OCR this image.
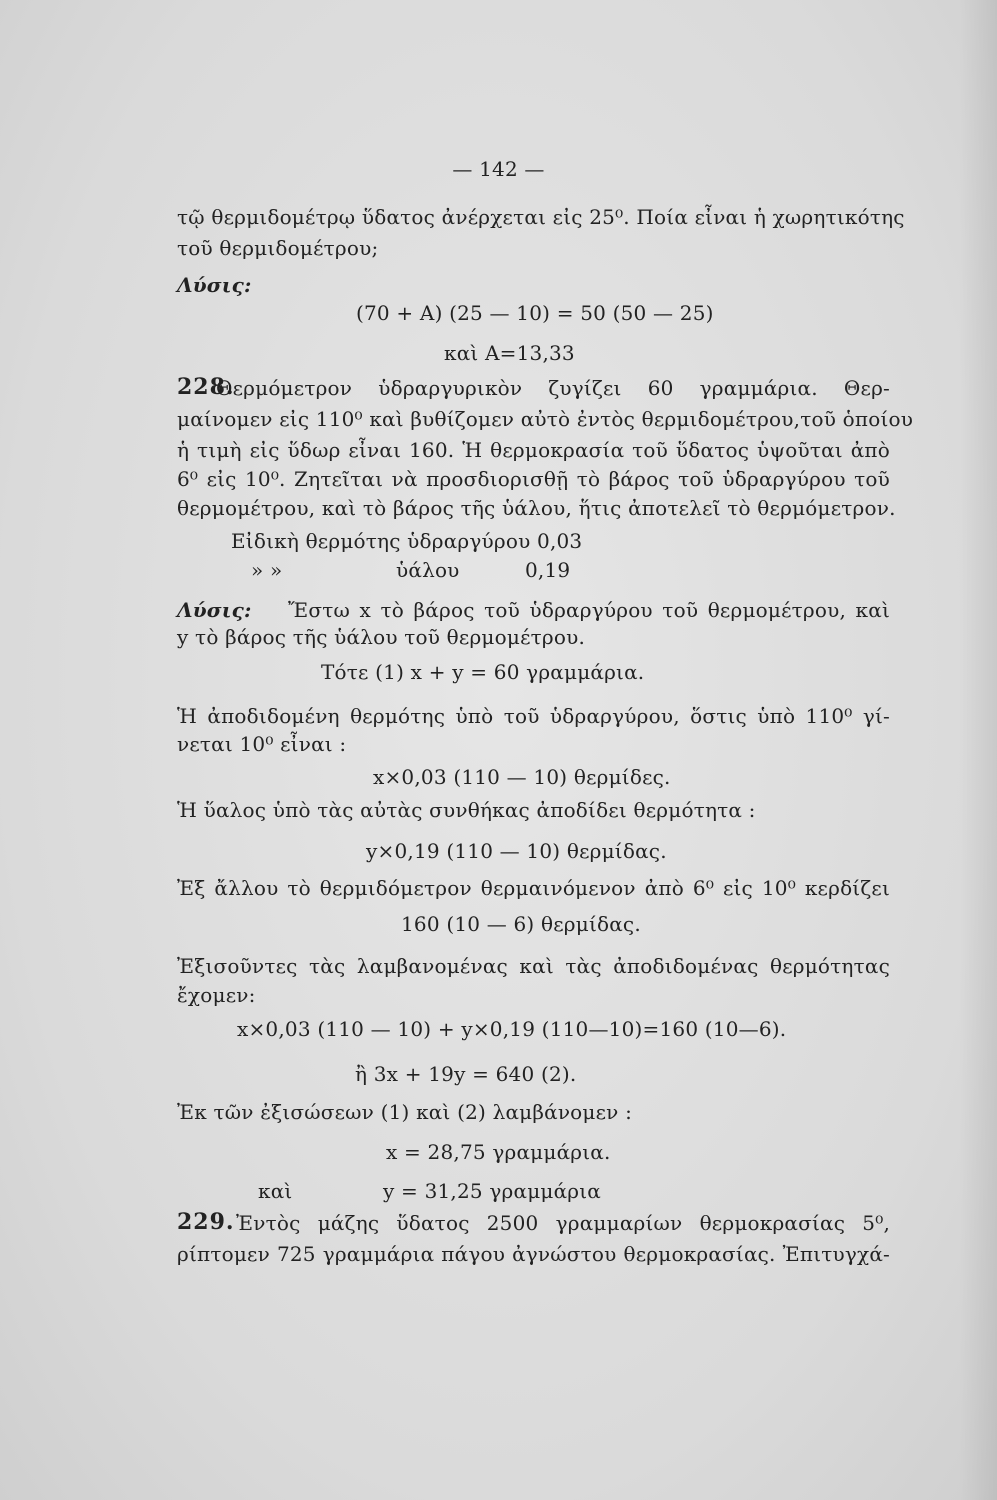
— 142 —
τῷ θερμιδομέτρῳ ὕδατος ἀνέρχεται εἰς 25⁰. Ποία εἶναι ἡ χωρητικότης
τοῦ θερμιδομέτρου;
Λύσις:
(70 + A) (25 — 10) = 50 (50 — 25)
καὶ A=13,33
Θερμόμετρον ὑδραργυρικὸν ζυγίζει 60 γραμμάρια. Θερ-
228.
μαίνομεν εἰς 110⁰ καὶ βυθίζομεν αὐτὸ ἐντὸς θερμιδομέτρου,τοῦ ὁποίου
ἡ τιμὴ εἰς ὕδωρ εἶναι 160. Ἡ θερμοκρασία τοῦ ὕδατος ὑψοῦται ἀπὸ
6⁰ εἰς 10⁰. Ζητεῖται νὰ προσδιορισθῇ τὸ βάρος τοῦ ὑδραργύρου τοῦ
θερμομέτρου, καὶ τὸ βάρος τῆς ὑάλου, ἥτις ἀποτελεῖ τὸ θερμόμετρον.
Εἰδικὴ θερμότης ὑδραργύρου 0,03
» »	ὑάλου	0,19
Λύσις: Ἔστω x τὸ βάρος τοῦ ὑδραργύρου τοῦ θερμομέτρου, καὶ
y τὸ βάρος τῆς ὑάλου τοῦ θερμομέτρου.
Τότε (1) x + y = 60 γραμμάρια.
Ἡ ἀποδιδομένη θερμότης ὑπὸ τοῦ ὑδραργύρου, ὅστις ὑπὸ 110⁰ γί-
νεται 10⁰ εἶναι :
x×0,03 (110 — 10) θερμίδες.
Ἡ ὕαλος ὑπὸ τὰς αὐτὰς συνθήκας ἀποδίδει θερμότητα :
y×0,19 (110 — 10) θερμίδας.
Ἐξ ἄλλου τὸ θερμιδόμετρον θερμαινόμενον ἀπὸ 6⁰ εἰς 10⁰ κερδίζει
160 (10 — 6) θερμίδας.
Ἐξισοῦντες τὰς λαμβανομένας καὶ τὰς ἀποδιδομένας θερμότητας
ἔχομεν:
x×0,03 (110 — 10) + y×0,19 (110—10)=160 (10—6).
ἢ 3x + 19y = 640 (2).
Ἐκ τῶν ἐξισώσεων (1) καὶ (2) λαμβάνομεν :
x = 28,75 γραμμάρια.
καὶ	y = 31,25 γραμμάρια
229. Ἐντὸς μάζης ὕδατος 2500 γραμμαρίων θερμοκρασίας 5⁰,
ρίπτομεν 725 γραμμάρια πάγου ἀγνώστου θερμοκρασίας. Ἐπιτυγχά-
